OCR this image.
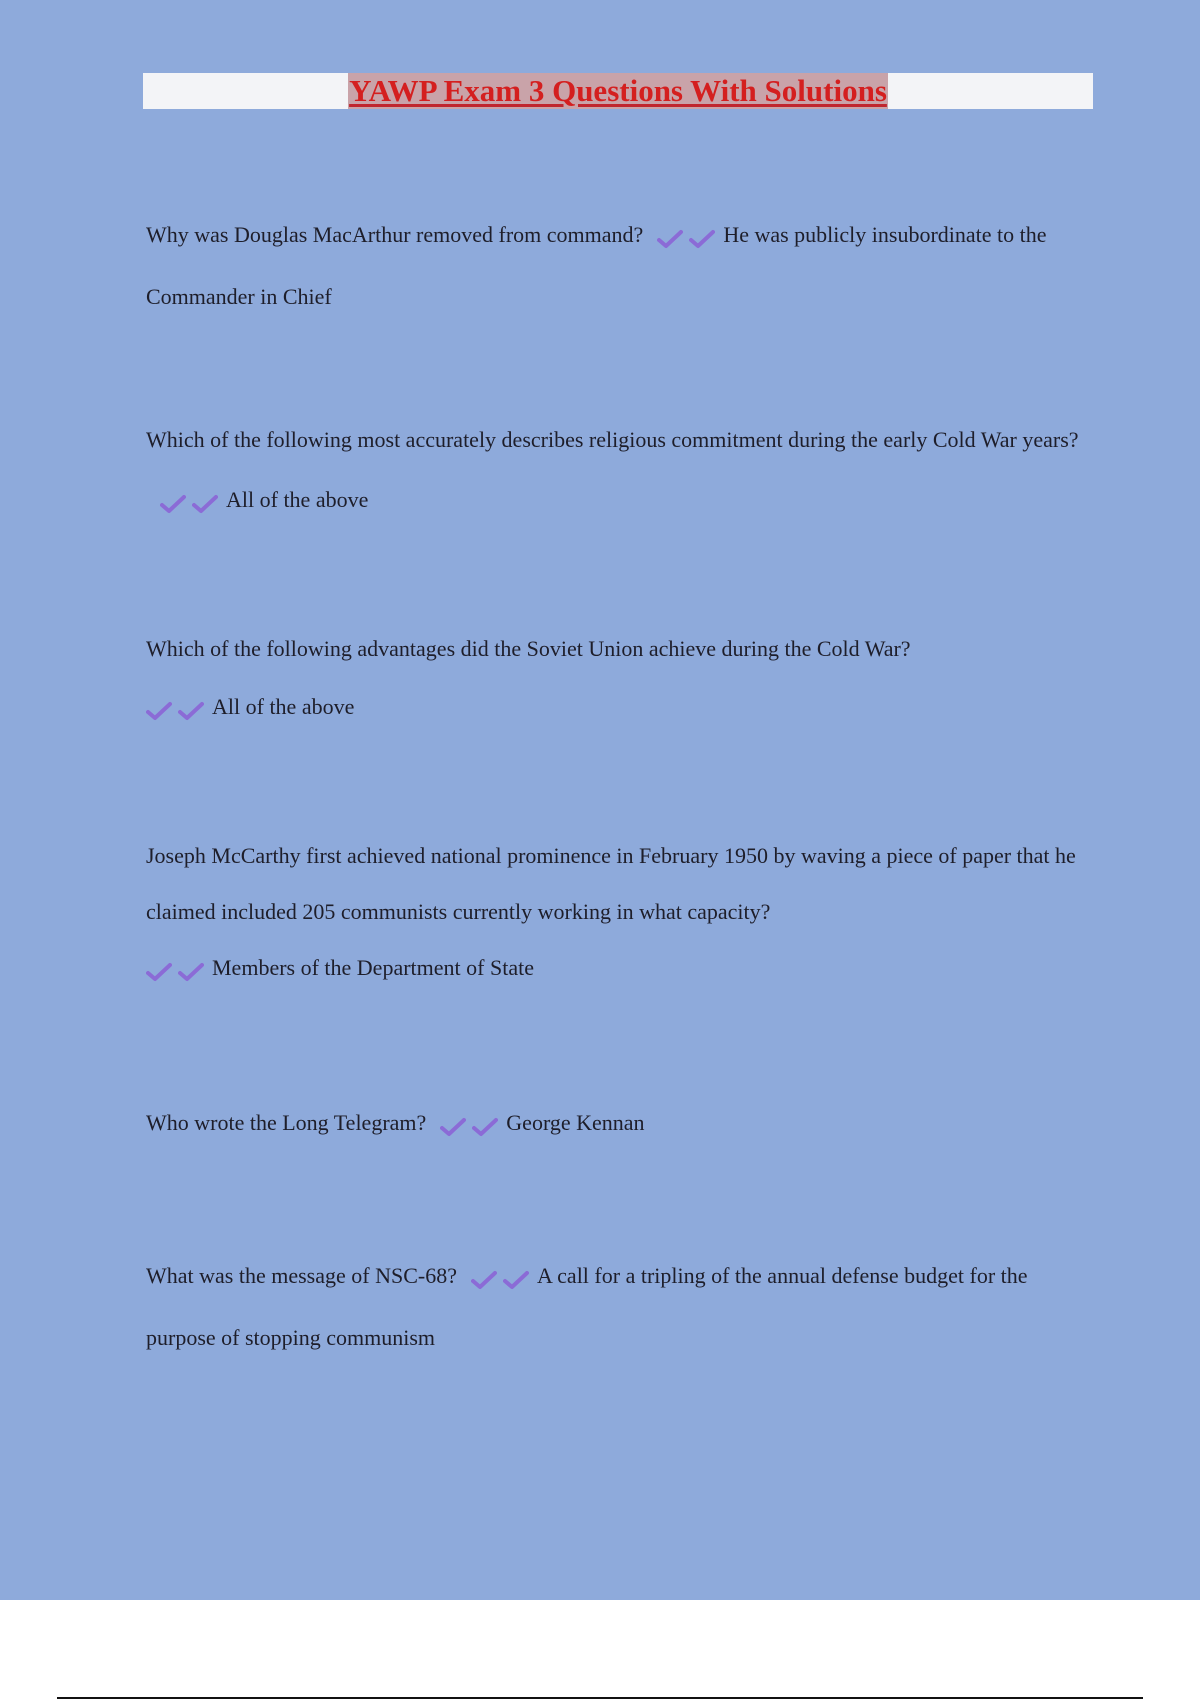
YAWP Exam 3 Questions With Solutions

Why was Douglas MacArthur removed from command?	He was publicly insubordinate to the Commander in Chief

Which of the following most accurately describes religious commitment during the early Cold War years?All of the above

Which of the following advantages did the Soviet Union achieve during the Cold War?
All of the above
Joseph McCarthy first achieved national prominence in February 1950 by waving a piece of paper that he claimed included 205 communists currently working in what capacity?
Members of the Department of State

Who wrote the Long Telegram?	George Kennan

What was the message of NSC-68?	A call for a tripling of the annual defense budget for the purpose of stopping communism
